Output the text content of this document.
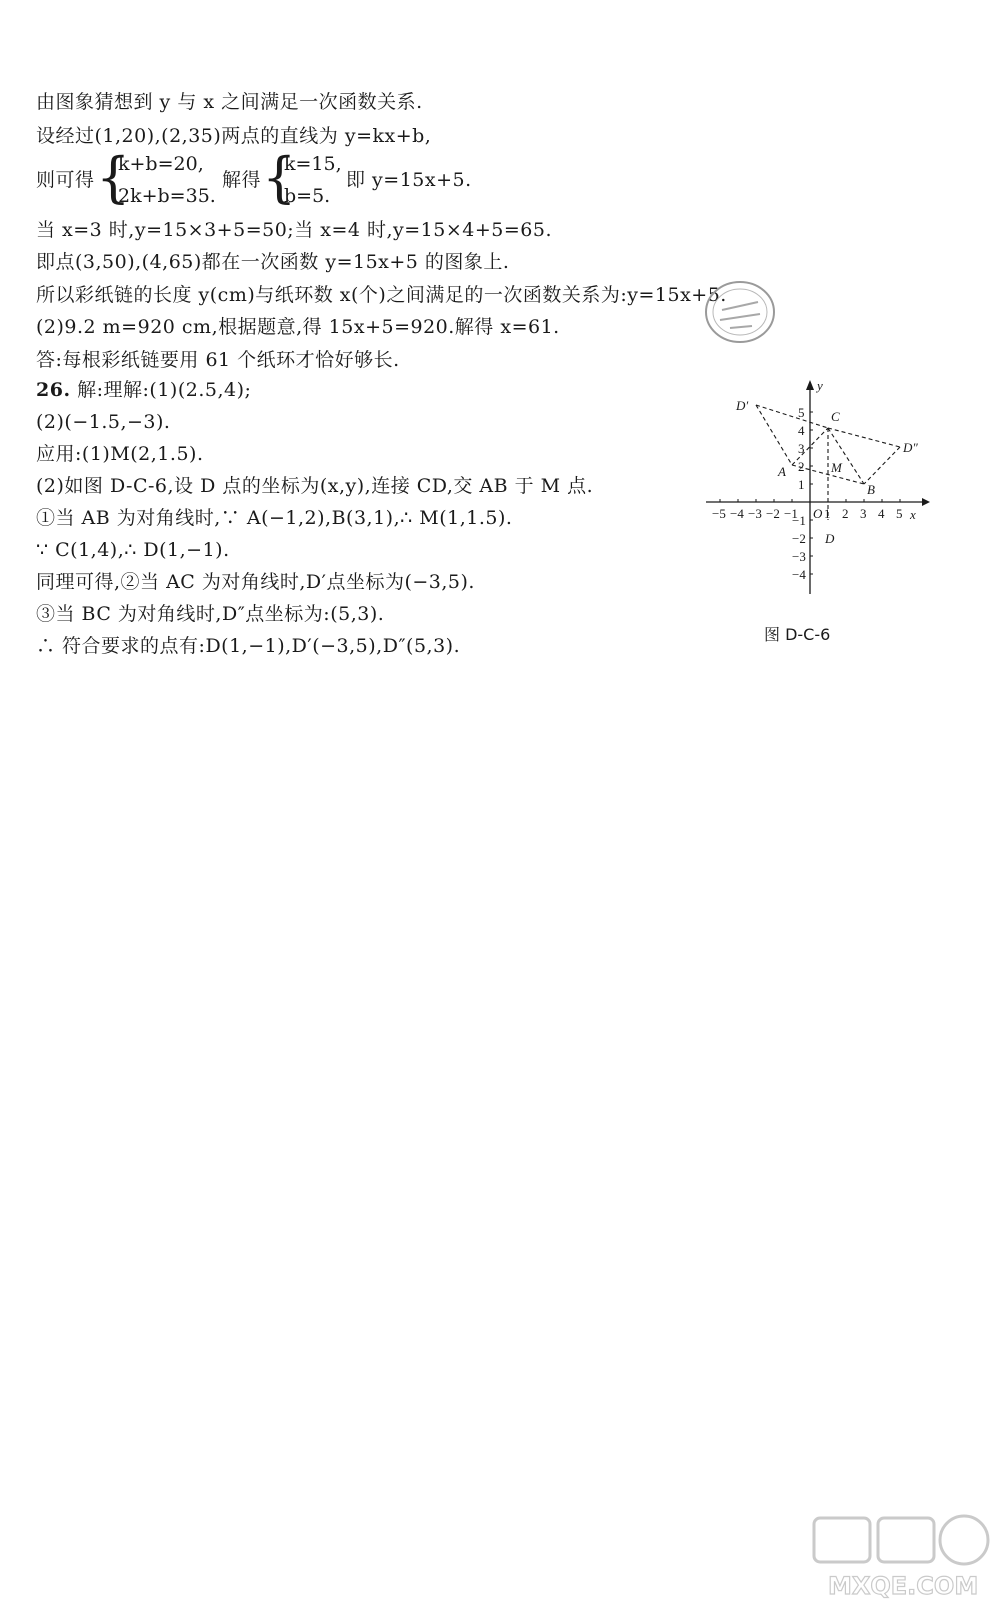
由图象猜想到 y 与 x 之间满足一次函数关系.
设经过(1,20),(2,35)两点的直线为 y=kx+b,
则可得 {
k+b=20,
2k+b=35.
解得 {
k=15,
b=5.
即 y=15x+5.
当 x=3 时,y=15×3+5=50;当 x=4 时,y=15×4+5=65.
即点(3,50),(4,65)都在一次函数 y=15x+5 的图象上.
所以彩纸链的长度 y(cm)与纸环数 x(个)之间满足的一次函数关系为:y=15x+5.
(2)9.2 m=920 cm,根据题意,得 15x+5=920.解得 x=61.
答:每根彩纸链要用 61 个纸环才恰好够长.
26. 解:理解:(1)(2.5,4);
(2)(−1.5,−3).
应用:(1)M(2,1.5).
(2)如图 D-C-6,设 D 点的坐标为(x,y),连接 CD,交 AB 于 M 点.
①当 AB 为对角线时,∵ A(−1,2),B(3,1),∴ M(1,1.5).
∵ C(1,4),∴ D(1,−1).
同理可得,②当 AC 为对角线时,D′点坐标为(−3,5).
③当 BC 为对角线时,D″点坐标为:(5,3).
∴ 符合要求的点有:D(1,−1),D′(−3,5),D″(5,3).
−5 −4 −3 −2 −1 1 2 3 4 5
5
4
3
2
1
−1
−2
−3
−4
D′
C
D″
A	M
B
D
O	x
y
图 D-C-6
MXQE.COM
